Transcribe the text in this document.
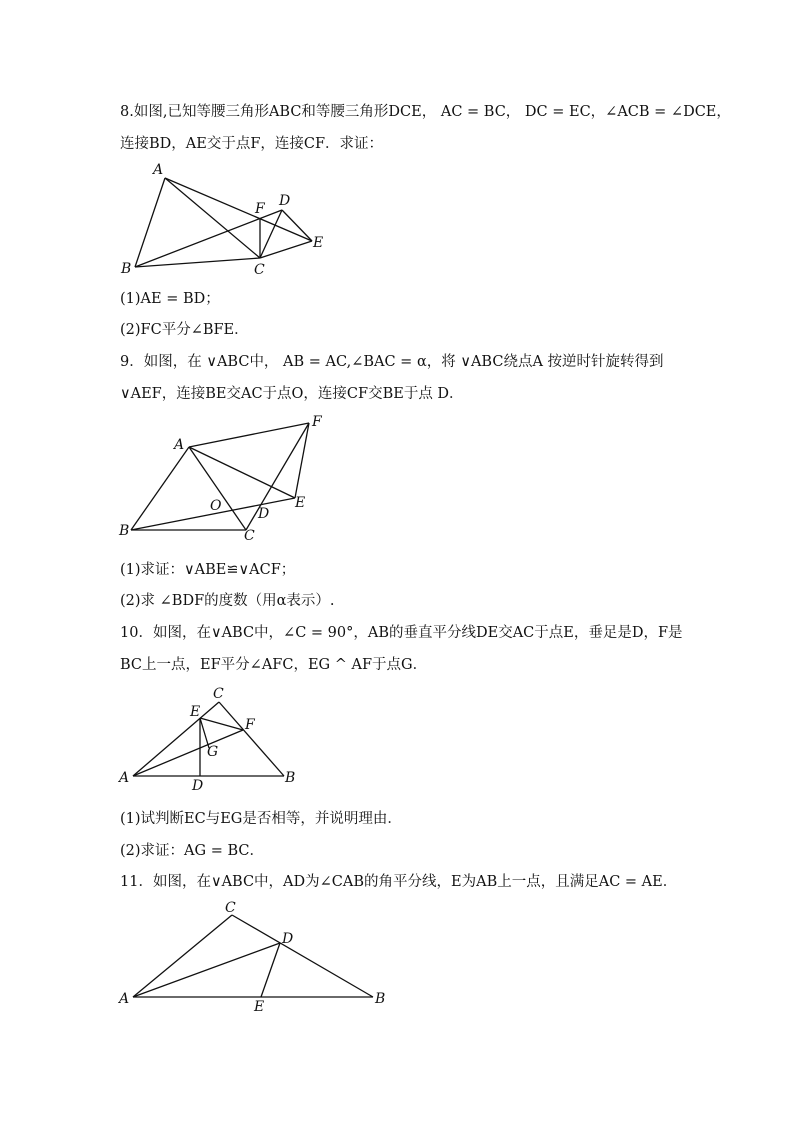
8.如图,已知等腰三角形ABC和等腰三角形DCE， AC = BC， DC = EC，∠ACB = ∠DCE，
连接BD，AE交于点F，连接CF．求证：
A
B	C
D
E
F
(1)AE = BD；
(2)FC平分∠BFE．
9．如图，在 ∨ABC中， AB = AC,∠BAC = α，将 ∨ABC绕点A 按逆时针旋转得到
∨AEF，连接BE交AC于点O，连接CF交BE于点 D．
A
B	C
D
E
F
O
(1)求证：∨ABE≌∨ACF；
(2)求 ∠BDF的度数（用α表示）.
10．如图，在∨ABC中，∠C = 90°，AB的垂直平分线DE交AC于点E，垂足是D，F是
BC上一点，EF平分∠AFC，EG ^ AF于点G．
C
E
F
G
A	D	B
(1)试判断EC与EG是否相等，并说明理由．
(2)求证：AG = BC．
11．如图，在∨ABC中，AD为∠CAB的角平分线，E为AB上一点，且满足AC = AE．
C
D
A	E	B
